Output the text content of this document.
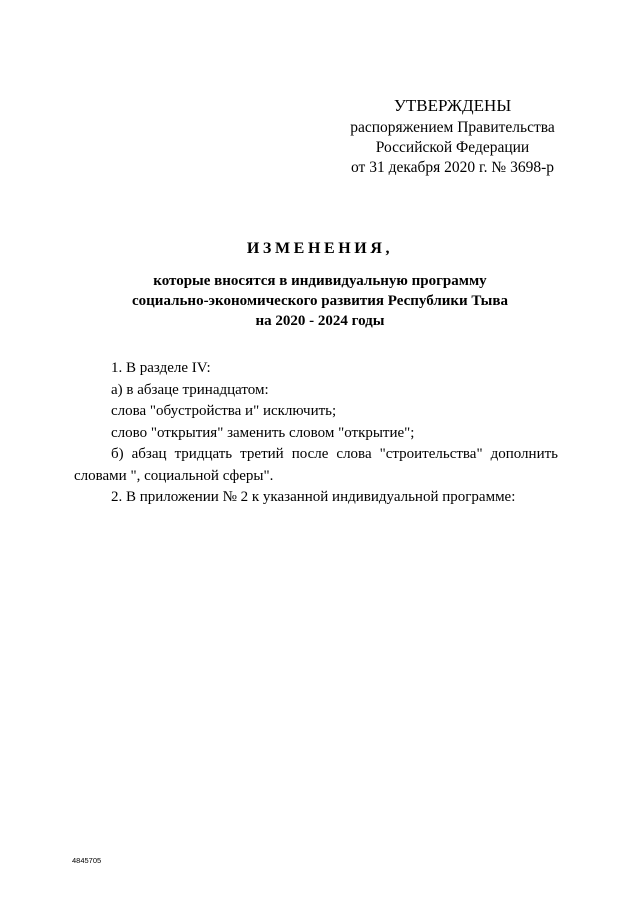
УТВЕРЖДЕНЫ
распоряжением Правительства
Российской Федерации
от 31 декабря 2020 г. № 3698-р
ИЗМЕНЕНИЯ,
которые вносятся в индивидуальную программу
социально-экономического развития Республики Тыва
на 2020 - 2024 годы

1. В разделе IV:

а) в абзаце тринадцатом:

слова "обустройства и" исключить;

слово "открытия" заменить словом "открытие";

б) абзац тридцать третий после слова "строительства" дополнить словами ", социальной сферы".

2. В приложении № 2 к указанной индивидуальной программе:

4845705
